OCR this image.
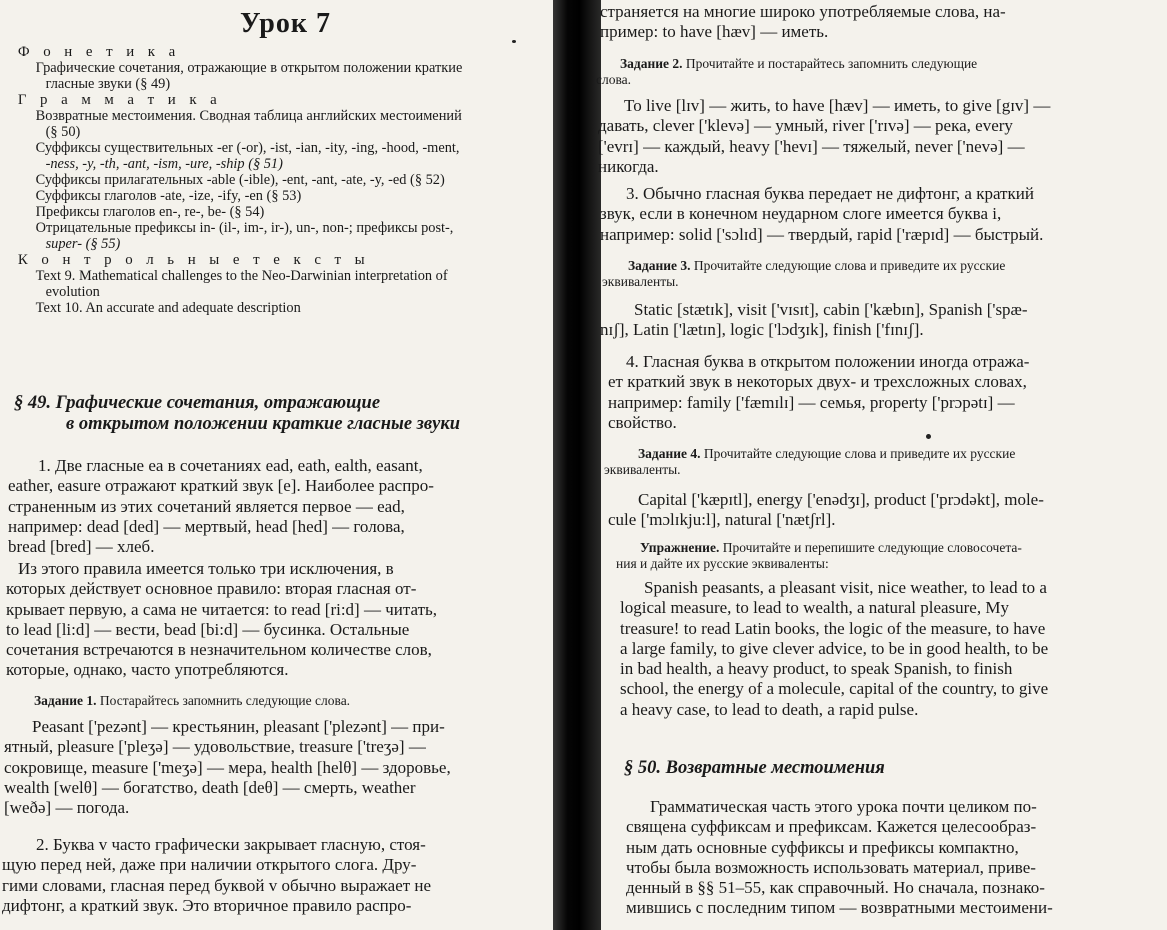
Урок 7
Ф о н е т и к а
Графические сочетания, отражающие в открытом положении краткие
гласные звуки (§ 49)
Г р а м м а т и к а
Возвратные местоимения. Сводная таблица английских местоимений
(§ 50)
Суффиксы существительных -er (-or), -ist, -ian, -ity, -ing, -hood, -ment,
-ness, -y, -th, -ant, -ism, -ure, -ship (§ 51)
Суффиксы прилагательных -able (-ible), -ent, -ant, -ate, -y, -ed (§ 52)
Суффиксы глаголов -ate, -ize, -ify, -en (§ 53)
Префиксы глаголов en-, re-, be- (§ 54)
Отрицательные префиксы in- (il-, im-, ir-), un-, non-; префиксы post-,
super- (§ 55)
К о н т р о л ь н ы е т е к с т ы
Text 9. Mathematical challenges to the Neo-Darwinian interpretation of
evolution
Text 10. An accurate and adequate description
§ 49. Графические сочетания, отражающие
в открытом положении краткие гласные звуки
1. Две гласные ea в сочетаниях ead, eath, ealth, easant,
eather, easure отражают краткий звук [e]. Наиболее распро-
страненным из этих сочетаний является первое — ead,
например: dead [ded] — мертвый, head [hed] — голова,
bread [bred] — хлеб.
Из этого правила имеется только три исключения, в
которых действует основное правило: вторая гласная от-
крывает первую, а сама не читается: to read [ri:d] — читать,
to lead [li:d] — вести, bead [bi:d] — бусинка. Остальные
сочетания встречаются в незначительном количестве слов,
которые, однако, часто употребляются.
Задание 1. Постарайтесь запомнить следующие слова.
Peasant ['pezənt] — крестьянин, pleasant ['plezənt] — при-
ятный, pleasure ['pleʒə] — удовольствие, treasure ['treʒə] —
сокровище, measure ['meʒə] — мера, health [helθ] — здоровье,
wealth [welθ] — богатство, death [deθ] — смерть, weather
[weðə] — погода.
2. Буква v часто графически закрывает гласную, стоя-
щую перед ней, даже при наличии открытого слога. Дру-
гими словами, гласная перед буквой v обычно выражает не
дифтонг, а краткий звук. Это вторичное правило распро-
страняется на многие широко употребляемые слова, на-
пример: to have [hæv] — иметь.
Задание 2. Прочитайте и постарайтесь запомнить следующие
слова.
To live [lɪv] — жить, to have [hæv] — иметь, to give [gɪv] —
давать, clever ['klevə] — умный, river ['rɪvə] — река, every
['evrɪ] — каждый, heavy ['hevɪ] — тяжелый, never ['nevə] —
никогда.
3. Обычно гласная буква передает не дифтонг, а краткий
звук, если в конечном неударном слоге имеется буква i,
например: solid ['sɔlɪd] — твердый, rapid ['ræpɪd] — быстрый.
Задание 3. Прочитайте следующие слова и приведите их русские
эквиваленты.
Static [stætɪk], visit ['vɪsɪt], cabin ['kæbɪn], Spanish ['spæ-
nɪʃ], Latin ['lætɪn], logic ['lɔdʒɪk], finish ['fɪnɪʃ].
4. Гласная буква в открытом положении иногда отража-
ет краткий звук в некоторых двух- и трехсложных словах,
например: family ['fæmɪlɪ] — семья, property ['prɔpətɪ] —
свойство.
Задание 4. Прочитайте следующие слова и приведите их русские
эквиваленты.
Capital ['kæpɪtl], energy ['enədʒɪ], product ['prɔdəkt], mole-
cule ['mɔlɪkju:l], natural ['nætʃrl].
Упражнение. Прочитайте и перепишите следующие словосочета-
ния и дайте их русские эквиваленты:
Spanish peasants, a pleasant visit, nice weather, to lead to a
logical measure, to lead to wealth, a natural pleasure, My
treasure! to read Latin books, the logic of the measure, to have
a large family, to give clever advice, to be in good health, to be
in bad health, a heavy product, to speak Spanish, to finish
school, the energy of a molecule, capital of the country, to give
a heavy case, to lead to death, a rapid pulse.
§ 50. Возвратные местоимения
Грамматическая часть этого урока почти целиком по-
священа суффиксам и префиксам. Кажется целесообраз-
ным дать основные суффиксы и префиксы компактно,
чтобы была возможность использовать материал, приве-
денный в §§ 51–55, как справочный. Но сначала, познако-
мившись с последним типом — возвратными местоимени-
